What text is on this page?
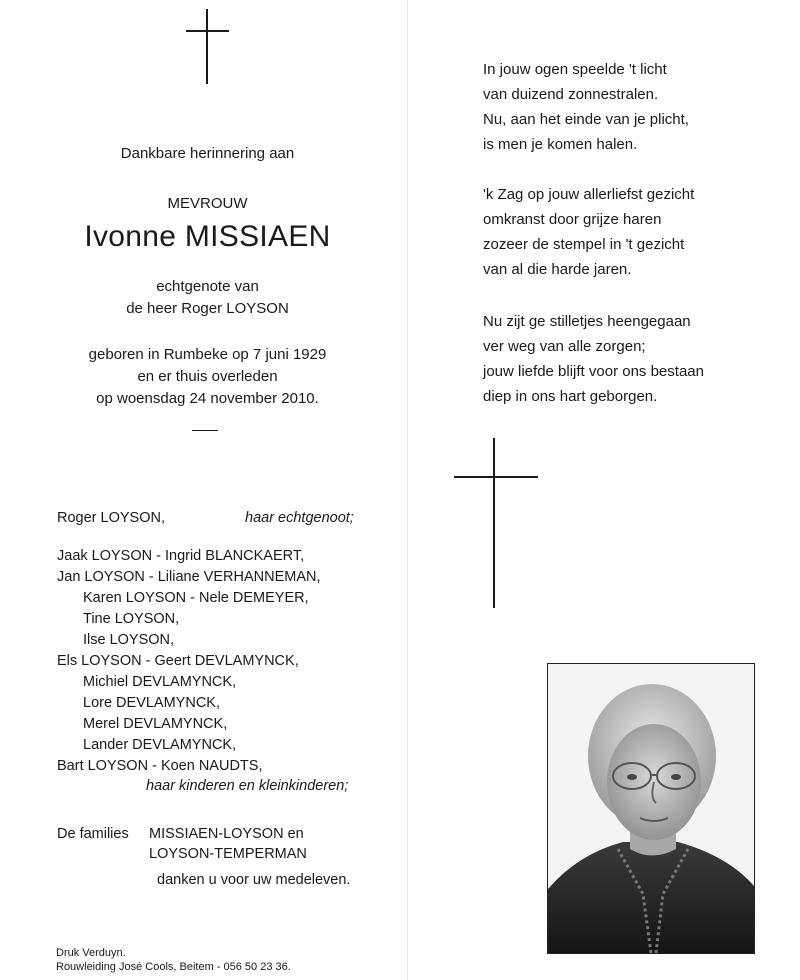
Dankbare herinnering aan
MEVROUW
Ivonne MISSIAEN
echtgenote van
de heer Roger LOYSON
geboren in Rumbeke op 7 juni 1929
en er thuis overleden
op woensdag 24 november 2010.
Roger LOYSON,	haar echtgenoot;
Jaak LOYSON - Ingrid BLANCKAERT,
Jan LOYSON - Liliane VERHANNEMAN,
Karen LOYSON - Nele DEMEYER,
Tine LOYSON,
Ilse LOYSON,
Els LOYSON - Geert DEVLAMYNCK,
Michiel DEVLAMYNCK,
Lore DEVLAMYNCK,
Merel DEVLAMYNCK,
Lander DEVLAMYNCK,
Bart LOYSON - Koen NAUDTS,
haar kinderen en kleinkinderen;
De families MISSIAEN-LOYSON en
LOYSON-TEMPERMAN
danken u voor uw medeleven.
Druk Verduyn.
Rouwleiding José Cools, Beitem - 056 50 23 36.
In jouw ogen speelde 't licht
van duizend zonnestralen.
Nu, aan het einde van je plicht,
is men je komen halen.
'k Zag op jouw allerliefst gezicht
omkranst door grijze haren
zozeer de stempel in 't gezicht
van al die harde jaren.
Nu zijt ge stilletjes heengegaan
ver weg van alle zorgen;
jouw liefde blijft voor ons bestaan
diep in ons hart geborgen.
